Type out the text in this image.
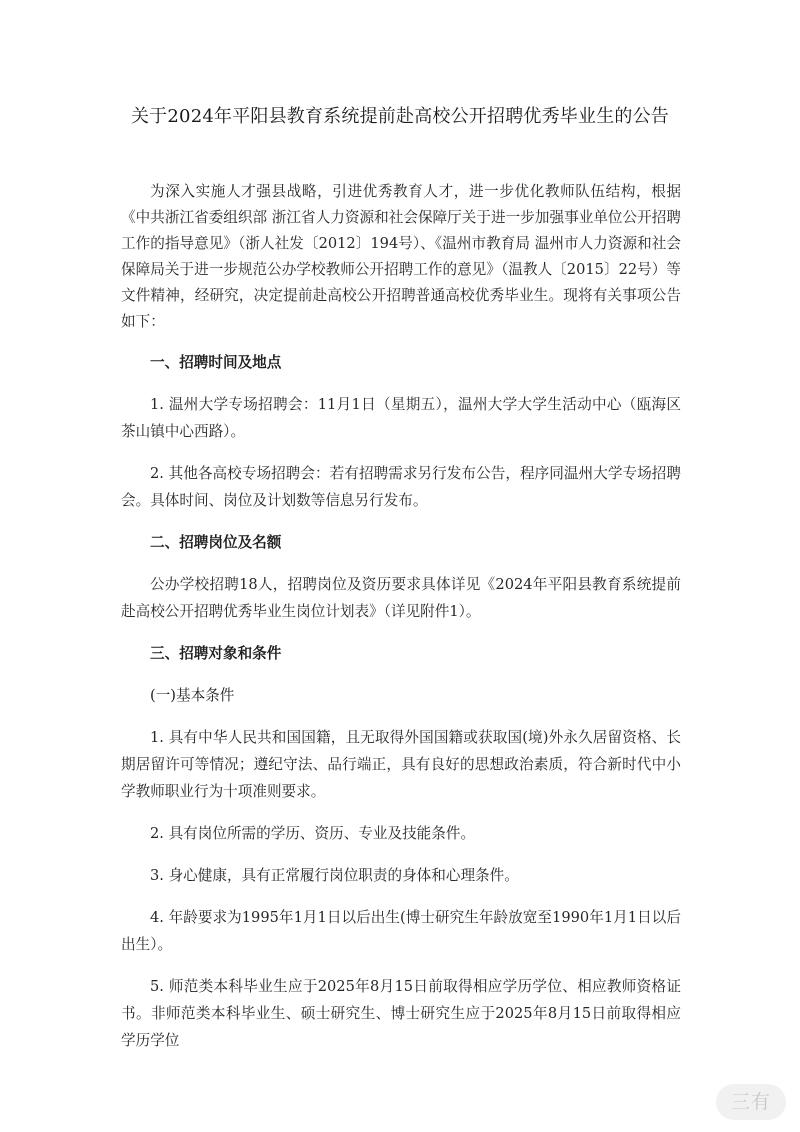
关于2024年平阳县教育系统提前赴高校公开招聘优秀毕业生的公告

为深入实施人才强县战略，引进优秀教育人才，进一步优化教师队伍结构，根据《中共浙江省委组织部 浙江省人力资源和社会保障厅关于进一步加强事业单位公开招聘工作的指导意见》（浙人社发〔2012〕194号）、《温州市教育局 温州市人力资源和社会保障局关于进一步规范公办学校教师公开招聘工作的意见》（温教人〔2015〕22号）等文件精神，经研究，决定提前赴高校公开招聘普通高校优秀毕业生。现将有关事项公告如下：

一、招聘时间及地点

1. 温州大学专场招聘会：11月1日（星期五），温州大学大学生活动中心（瓯海区茶山镇中心西路）。

2. 其他各高校专场招聘会：若有招聘需求另行发布公告，程序同温州大学专场招聘会。具体时间、岗位及计划数等信息另行发布。

二、招聘岗位及名额

公办学校招聘18人，招聘岗位及资历要求具体详见《2024年平阳县教育系统提前赴高校公开招聘优秀毕业生岗位计划表》（详见附件1）。

三、招聘对象和条件

(一)基本条件

1. 具有中华人民共和国国籍，且无取得外国国籍或获取国(境)外永久居留资格、长期居留许可等情况；遵纪守法、品行端正，具有良好的思想政治素质，符合新时代中小学教师职业行为十项准则要求。

2. 具有岗位所需的学历、资历、专业及技能条件。

3. 身心健康，具有正常履行岗位职责的身体和心理条件。

4. 年龄要求为1995年1月1日以后出生(博士研究生年龄放宽至1990年1月1日以后出生）。

5. 师范类本科毕业生应于2025年8月15日前取得相应学历学位、相应教师资格证书。非师范类本科毕业生、硕士研究生、博士研究生应于2025年8月15日前取得相应学历学位

三有
